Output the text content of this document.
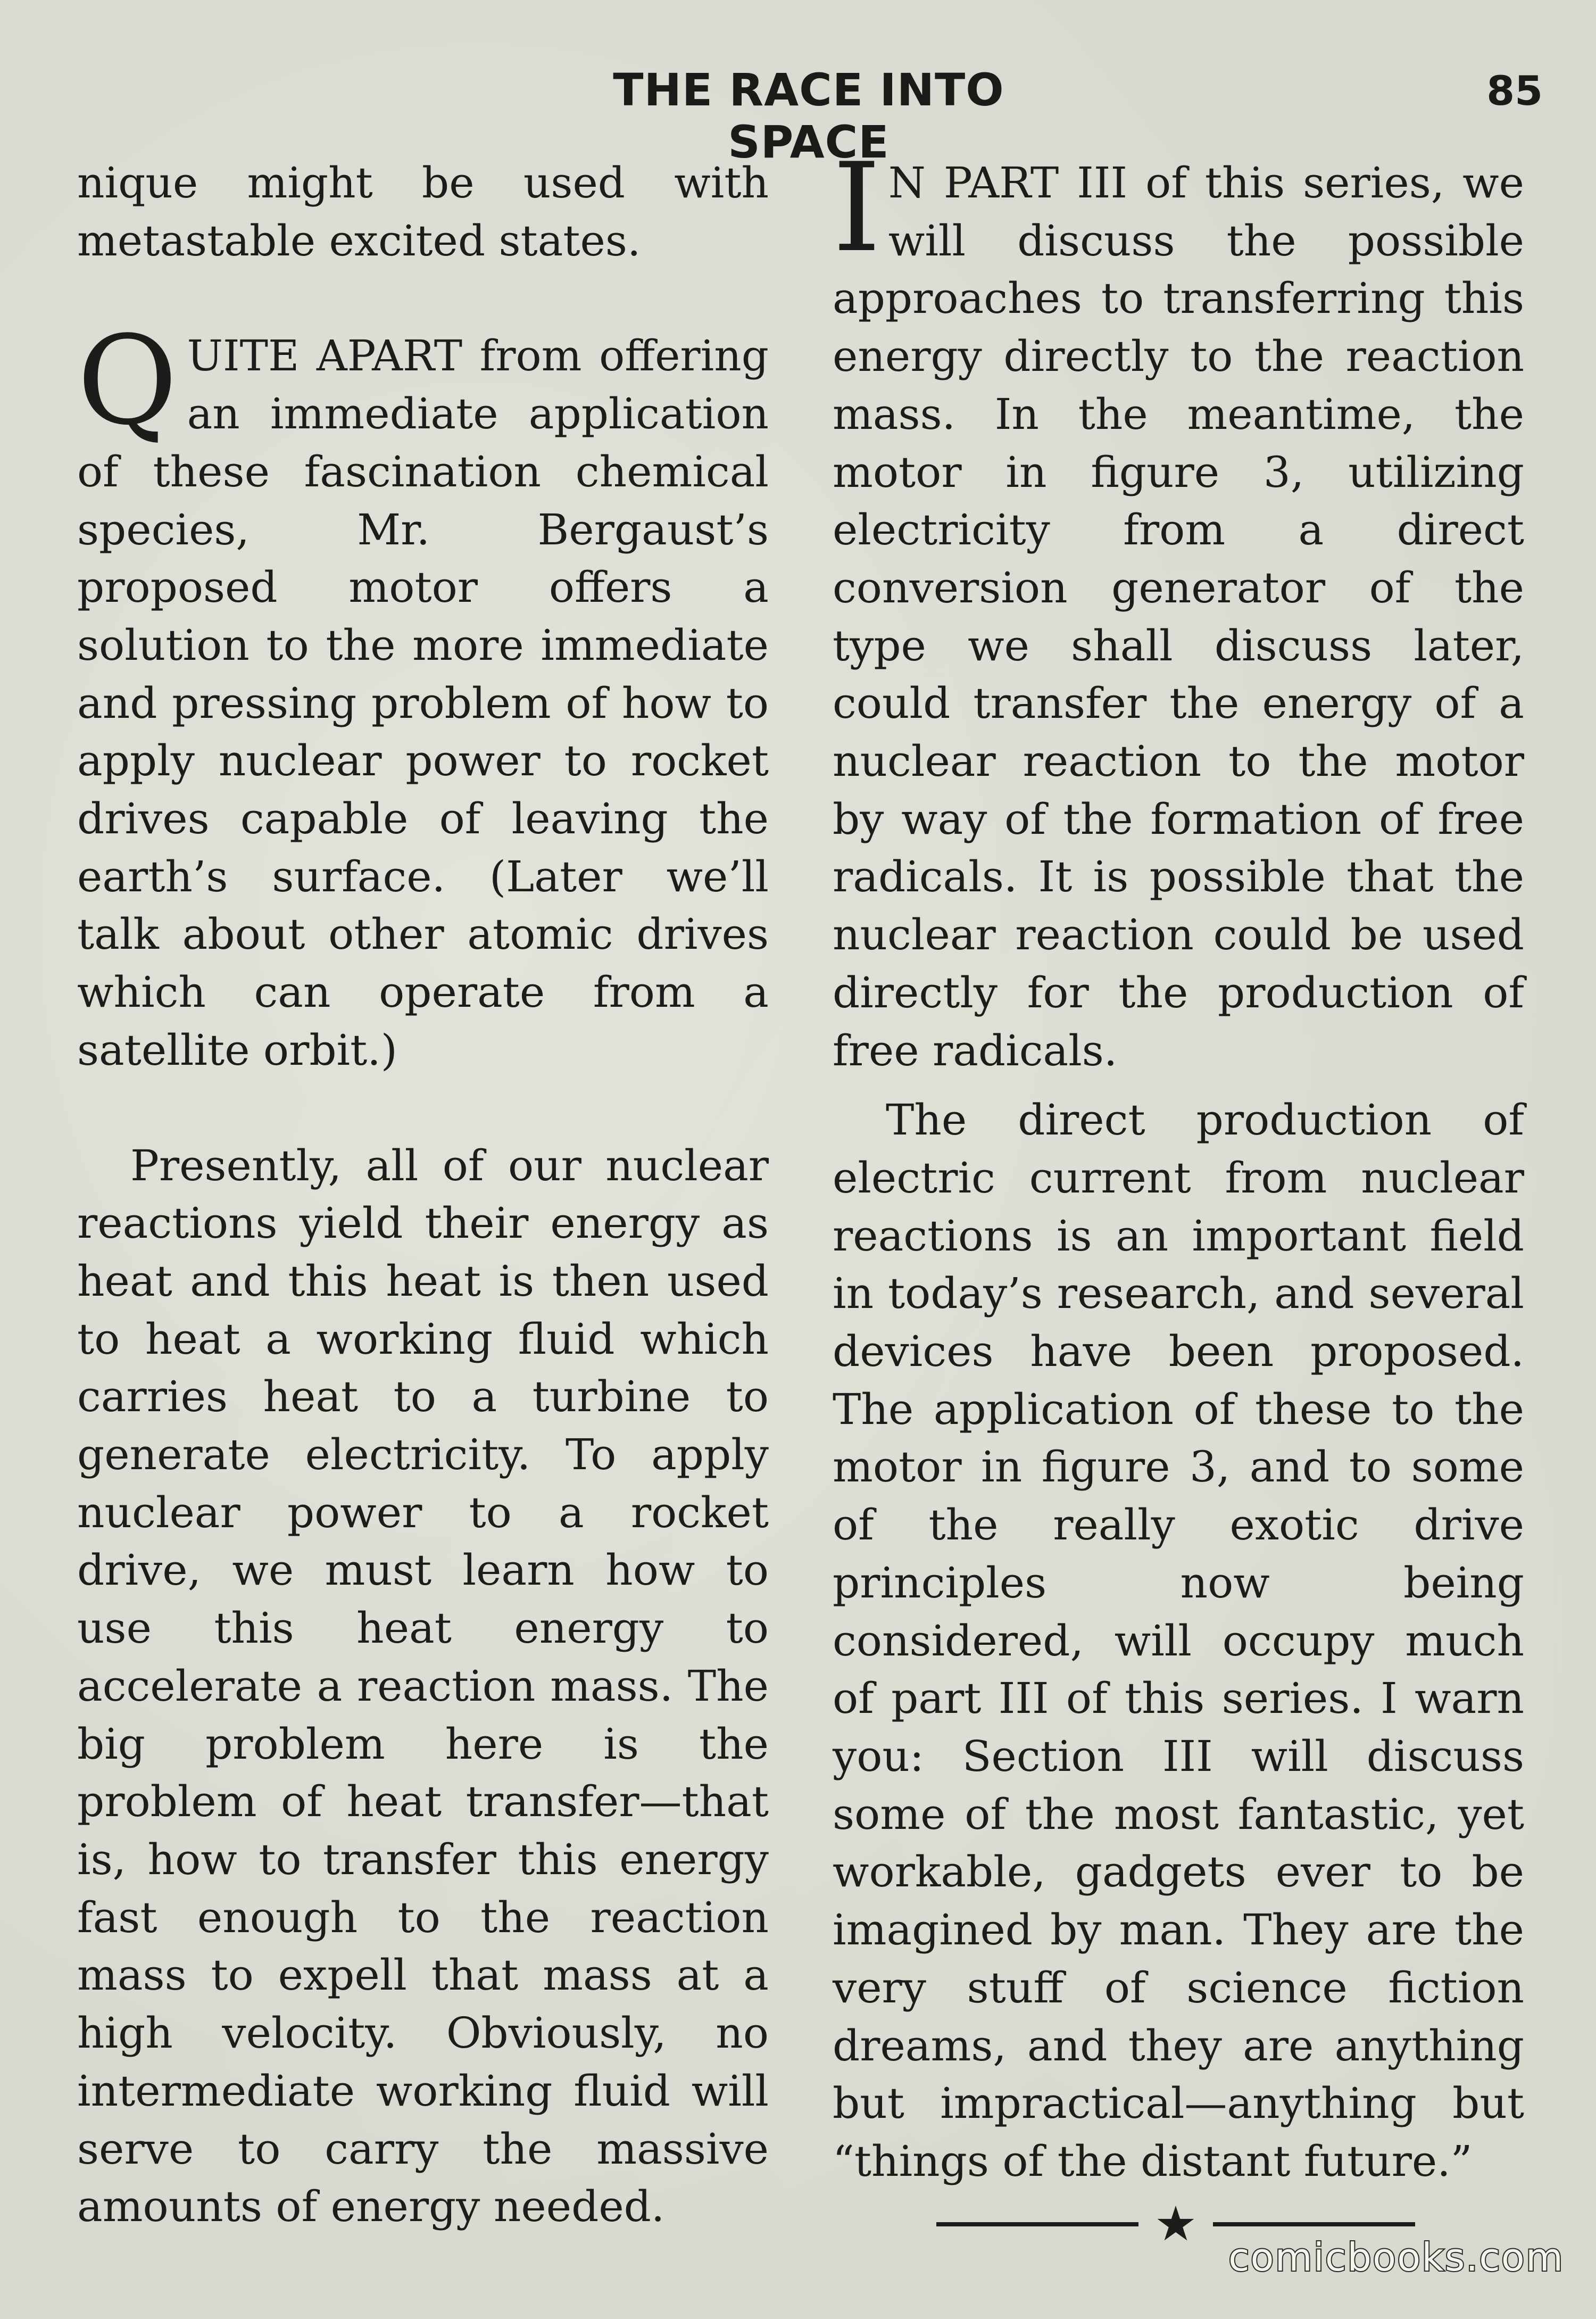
THE RACE INTO SPACE
85

nique might be used with metastable excited states.

QUITE APART from offering an immediate application of these fascination chemical species, Mr. Bergaust’s proposed motor offers a solution to the more immediate and pressing problem of how to apply nuclear power to rocket drives capable of leaving the earth’s surface. (Later we’ll talk about other atomic drives which can operate from a satellite orbit.)

Presently, all of our nuclear reactions yield their energy as heat and this heat is then used to heat a working fluid which carries heat to a turbine to generate electricity. To apply nuclear power to a rocket drive, we must learn how to use this heat energy to accelerate a reaction mass. The big problem here is the problem of heat transfer—that is, how to transfer this energy fast enough to the reaction mass to expell that mass at a high velocity. Obviously, no intermediate working fluid will serve to carry the massive amounts of energy needed.

I N PART III of this series, we will discuss the possible approaches to transferring this energy directly to the reaction mass. In the meantime, the motor in figure 3, utilizing electricity from a direct conversion generator of the type we shall discuss later, could transfer the energy of a nuclear reaction to the motor by way of the formation of free radicals. It is possible that the nuclear reaction could be used directly for the production of free radicals.

The direct production of electric current from nuclear reactions is an important field in today’s research, and several devices have been proposed. The application of these to the motor in figure 3, and to some of the really exotic drive principles now being considered, will occupy much of part III of this series. I warn you: Section III will discuss some of the most fantastic, yet workable, gadgets ever to be imagined by man. They are the very stuff of science fiction dreams, and they are anything but impractical—anything but “things of the distant future.”

★
comicbooks.com
